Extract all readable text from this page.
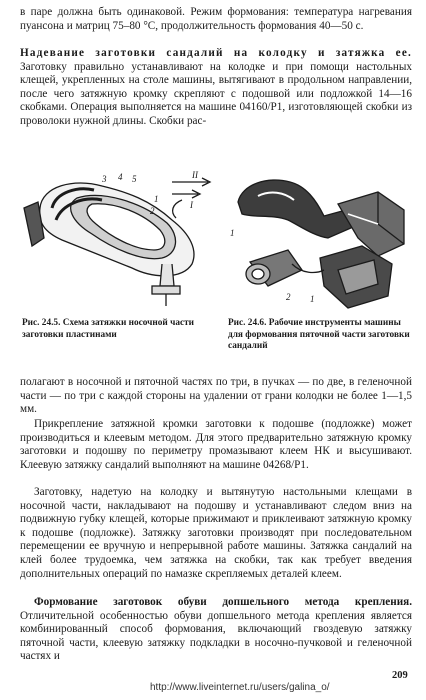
в паре должна быть одинаковой. Режим формования: температура нагревания пуансона и матриц 75–80 °С, продолжительность формования 40—50 с.

Надевание заготовки сандалий на колодку и затяжка ее. Заготовку правильно устанавливают на колодке и при помощи настольных клещей, укрепленных на столе машины, вытягивают в продольном направлении, после чего затяжную кромку скрепляют с подошвой или подложкой 14—16 скобками. Операция выполняется на машине 04160/Р1, изготовляющей скобки из проволоки нужной длины. Скобки рас-

3 4 5
1
2
II
I
1
2 1

Рис. 24.5. Схема затяжки носочной части заготовки пластинами

Рис. 24.6. Рабочие инструменты машины для формования пяточной части заготовки сандалий

полагают в носочной и пяточной частях по три, в пучках — по две, в геленочной части — по три с каждой стороны на удалении от грани колодки не более 1—1,5 мм.

Прикрепление затяжной кромки заготовки к подошве (подложке) может производиться и клеевым методом. Для этого предварительно затяжную кромку заготовки и подошву по периметру промазывают клеем НК и высушивают. Клеевую затяжку сандалий выполняют на машине 04268/Р1.

Заготовку, надетую на колодку и вытянутую настольными клещами в носочной части, накладывают на подошву и устанавливают следом вниз на подвижную губку клещей, которые прижимают и приклеивают затяжную кромку к подошве (подложке). Затяжку заготовки производят при последовательном перемещении ее вручную и непрерывной работе машины. Затяжка сандалий на клей более трудоемка, чем затяжка на скобки, так как требует введения дополнительных операций по намазке скрепляемых деталей клеем.

Формование заготовок обуви допшельного метода крепления. Отличительной особенностью обуви допшельного метода крепления является комбинированный способ формования, включающий гвоздевую затяжку пяточной части, клеевую затяжку подкладки в носочно-пучковой и геленочной частях и

209
http://www.liveinternet.ru/users/galina_o/
